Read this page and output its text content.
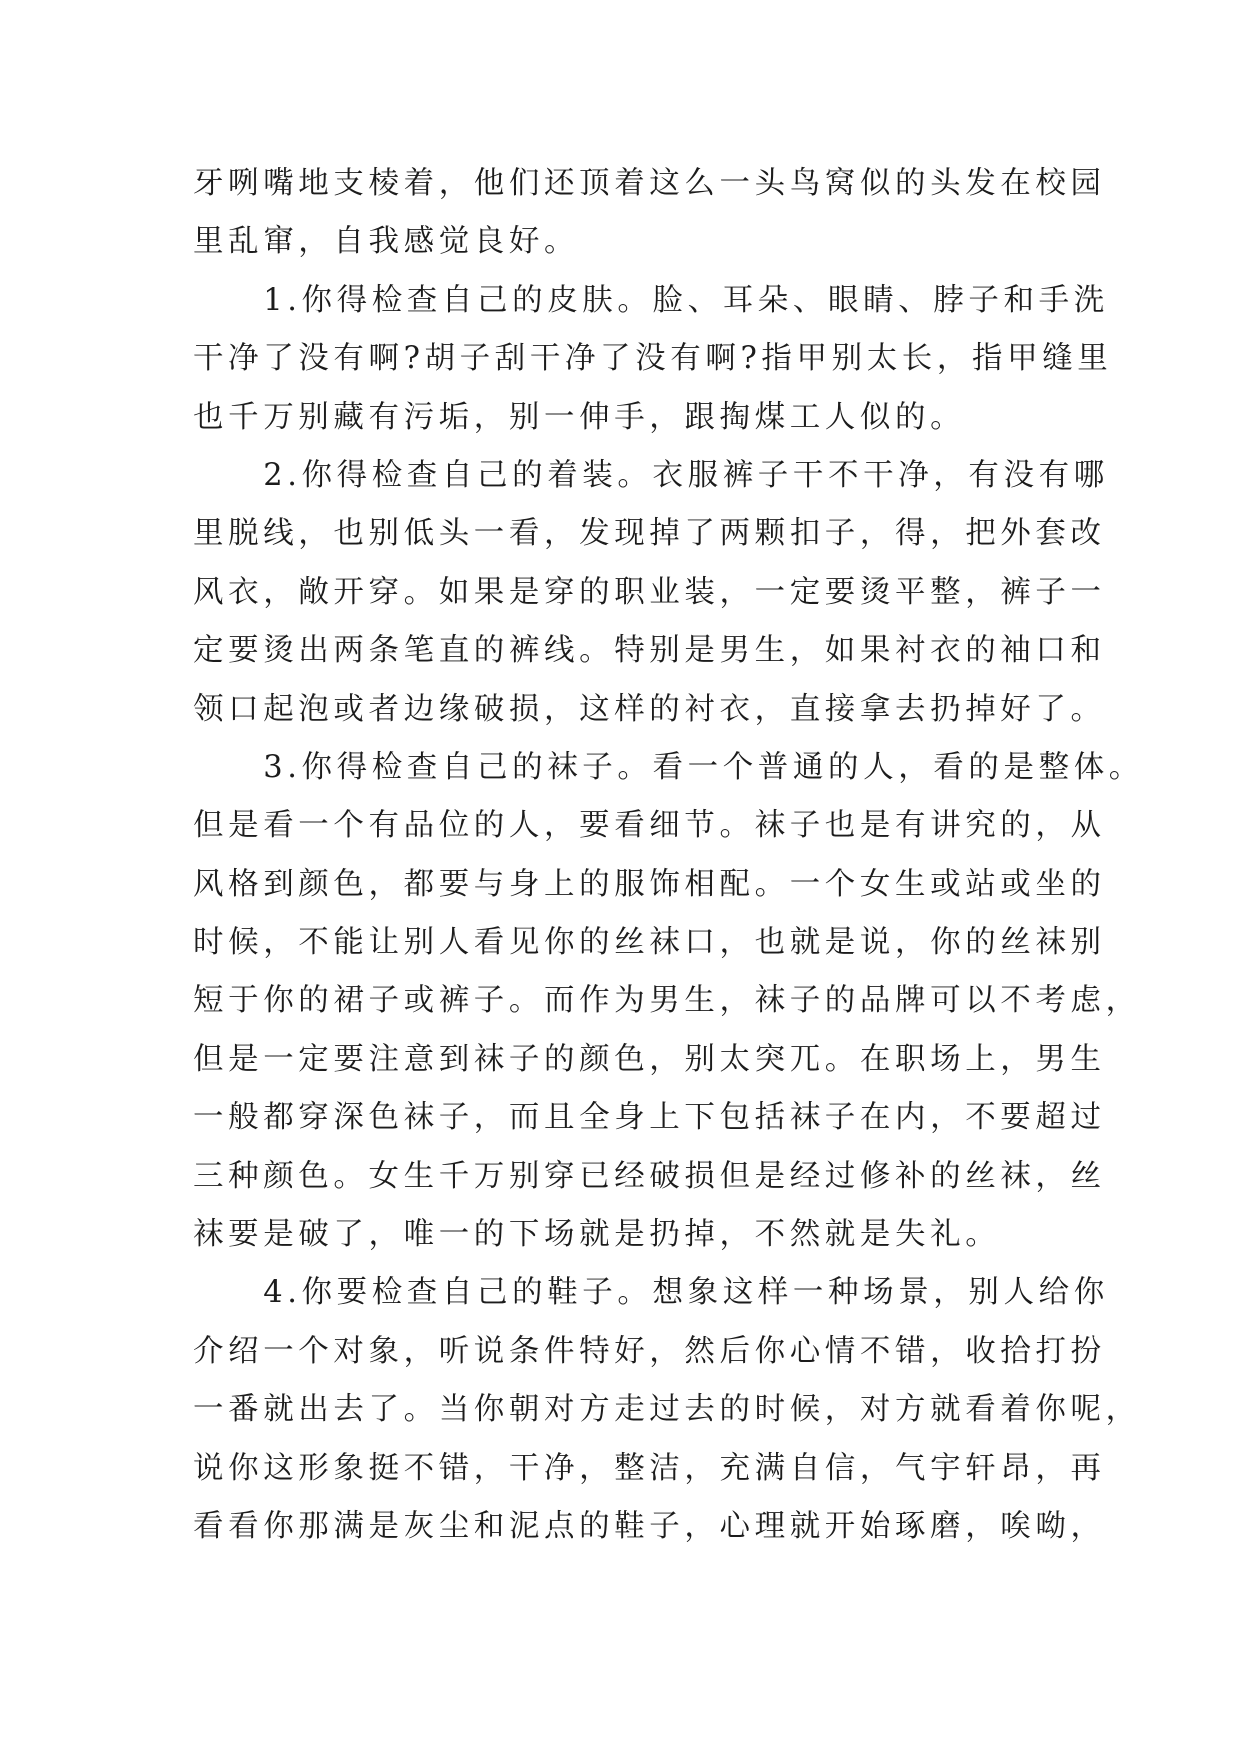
牙咧嘴地支棱着，他们还顶着这么一头鸟窝似的头发在校园
里乱窜，自我感觉良好。
　　1.你得检查自己的皮肤。脸、耳朵、眼睛、脖子和手洗
干净了没有啊?胡子刮干净了没有啊?指甲别太长，指甲缝里
也千万别藏有污垢，别一伸手，跟掏煤工人似的。
　　2.你得检查自己的着装。衣服裤子干不干净，有没有哪
里脱线，也别低头一看，发现掉了两颗扣子，得，把外套改
风衣，敞开穿。如果是穿的职业装，一定要烫平整，裤子一
定要烫出两条笔直的裤线。特别是男生，如果衬衣的袖口和
领口起泡或者边缘破损，这样的衬衣，直接拿去扔掉好了。
　　3.你得检查自己的袜子。看一个普通的人，看的是整体。
但是看一个有品位的人，要看细节。袜子也是有讲究的，从
风格到颜色，都要与身上的服饰相配。一个女生或站或坐的
时候，不能让别人看见你的丝袜口，也就是说，你的丝袜别
短于你的裙子或裤子。而作为男生，袜子的品牌可以不考虑，
但是一定要注意到袜子的颜色，别太突兀。在职场上，男生
一般都穿深色袜子，而且全身上下包括袜子在内，不要超过
三种颜色。女生千万别穿已经破损但是经过修补的丝袜，丝
袜要是破了，唯一的下场就是扔掉，不然就是失礼。
　　4.你要检查自己的鞋子。想象这样一种场景，别人给你
介绍一个对象，听说条件特好，然后你心情不错，收拾打扮
一番就出去了。当你朝对方走过去的时候，对方就看着你呢，
说你这形象挺不错，干净，整洁，充满自信，气宇轩昂，再
看看你那满是灰尘和泥点的鞋子，心理就开始琢磨，唉呦，
